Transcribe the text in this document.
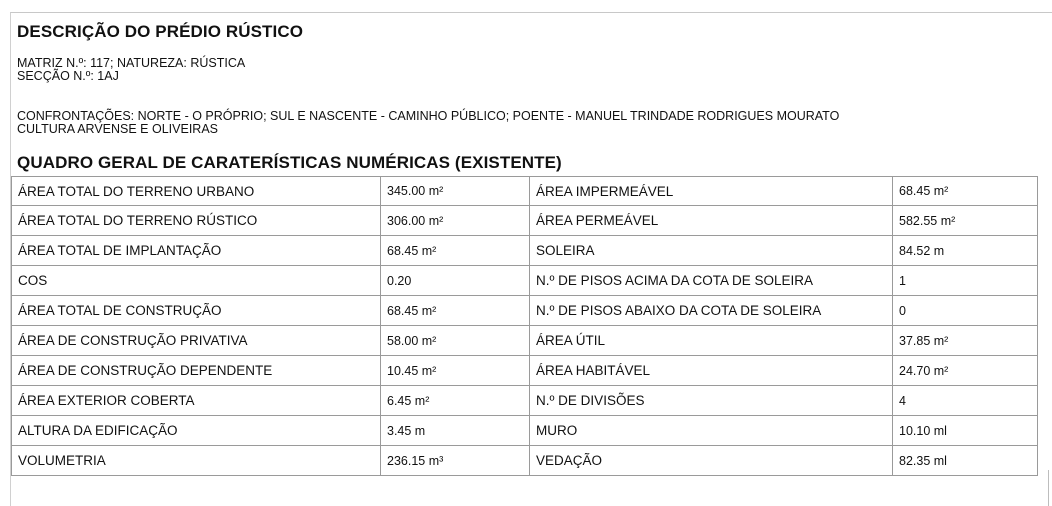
DESCRIÇÃO DO PRÉDIO RÚSTICO
MATRIZ N.º: 117; NATUREZA: RÚSTICA
SECÇÃO N.º: 1AJ
CONFRONTAÇÕES: NORTE - O PRÓPRIO; SUL E NASCENTE - CAMINHO PÚBLICO; POENTE - MANUEL TRINDADE RODRIGUES MOURATO
CULTURA ARVENSE E OLIVEIRAS
QUADRO GERAL DE CARATERÍSTICAS NUMÉRICAS (EXISTENTE)
ÁREA TOTAL DO TERRENO URBANO	345.00 m²	ÁREA IMPERMEÁVEL	68.45 m²
ÁREA TOTAL DO TERRENO RÚSTICO	306.00 m²	ÁREA PERMEÁVEL	582.55 m²
ÁREA TOTAL DE IMPLANTAÇÃO	68.45 m²	SOLEIRA	84.52 m
COS	0.20	N.º DE PISOS ACIMA DA COTA DE SOLEIRA	1
ÁREA TOTAL DE CONSTRUÇÃO	68.45 m²	N.º DE PISOS ABAIXO DA COTA DE SOLEIRA	0
ÁREA DE CONSTRUÇÃO PRIVATIVA	58.00 m²	ÁREA ÚTIL	37.85 m²
ÁREA DE CONSTRUÇÃO DEPENDENTE	10.45 m²	ÁREA HABITÁVEL	24.70 m²
ÁREA EXTERIOR COBERTA	6.45 m²	N.º DE DIVISÕES	4
ALTURA DA EDIFICAÇÃO	3.45 m	MURO	10.10 ml
VOLUMETRIA	236.15 m³	VEDAÇÃO	82.35 ml
